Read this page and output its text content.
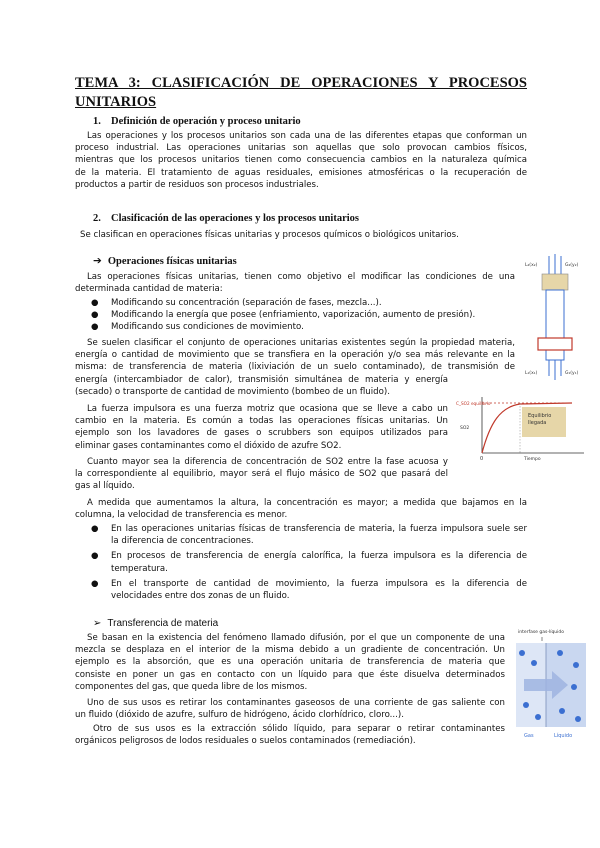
TEMA 3: CLASIFICACIÓN DE OPERACIONES Y PROCESOS
UNITARIOS
1. Definición de operación y proceso unitario
Las operaciones y los procesos unitarios son cada una de las diferentes etapas que conforman un
proceso industrial. Las operaciones unitarias son aquellas que solo provocan cambios físicos,
mientras que los procesos unitarios tienen como consecuencia cambios en la naturaleza química
de la materia. El tratamiento de aguas residuales, emisiones atmosféricas o la recuperación de
productos a partir de residuos son procesos industriales.
2. Clasificación de las operaciones y los procesos unitarios
Se clasifican en operaciones físicas unitarias y procesos químicos o biológicos unitarios.
➔ Operaciones físicas unitarias
Las operaciones físicas unitarias, tienen como objetivo el modificar las condiciones de una
determinada cantidad de materia:
● Modificando su concentración (separación de fases, mezcla...).
● Modificando la energía que posee (enfriamiento, vaporización, aumento de presión).
● Modificando sus condiciones de movimiento.
Se suelen clasificar el conjunto de operaciones unitarias existentes según la propiedad materia,
energía o cantidad de movimiento que se transfiera en la operación y/o sea más relevante en la
misma: de transferencia de materia (lixiviación de un suelo contaminado), de transmisión de
energía (intercambiador de calor), transmisión simultánea de materia y energía
(secado) o transporte de cantidad de movimiento (bombeo de un fluido).
La fuerza impulsora es una fuerza motriz que ocasiona que se lleve a cabo un
cambio en la materia. Es común a todas las operaciones físicas unitarias. Un
ejemplo son los lavadores de gases o scrubbers son equipos utilizados para
eliminar gases contaminantes como el dióxido de azufre SO2.
Cuanto mayor sea la diferencia de concentración de SO2 entre la fase acuosa y
la correspondiente al equilibrio, mayor será el flujo másico de SO2 que pasará del
gas al líquido.
A medida que aumentamos la altura, la concentración es mayor; a medida que bajamos en la
columna, la velocidad de transferencia es menor.
● En las operaciones unitarias físicas de transferencia de materia, la fuerza impulsora suele ser
la diferencia de concentraciones.
● En procesos de transferencia de energía calorífica, la fuerza impulsora es la diferencia de
temperatura.
● En el transporte de cantidad de movimiento, la fuerza impulsora es la diferencia de
velocidades entre dos zonas de un fluido.
➢ Transferencia de materia
Se basan en la existencia del fenómeno llamado difusión, por el que un componente de una
mezcla se desplaza en el interior de la misma debido a un gradiente de concentración. Un
ejemplo es la absorción, que es una operación unitaria de transferencia de materia que
consiste en poner un gas en contacto con un líquido para que éste disuelva determinados
componentes del gas, que queda libre de los mismos.
Uno de sus usos es retirar los contaminantes gaseosos de una corriente de gas saliente con
un fluido (dióxido de azufre, sulfuro de hidrógeno, ácido clorhídrico, cloro...).
Otro de sus usos es la extracción sólido líquido, para separar o retirar contaminantes
orgánicos peligrosos de lodos residuales o suelos contaminados (remediación).
L₂(x₂)	G₂(y₂)
L₁(x₁)	G₁(y₁)
Equilibrio
llegada
C_SO2 equilibrio
SO2
0	Tiempo
interfase gas-líquido
Gas	Líquido
